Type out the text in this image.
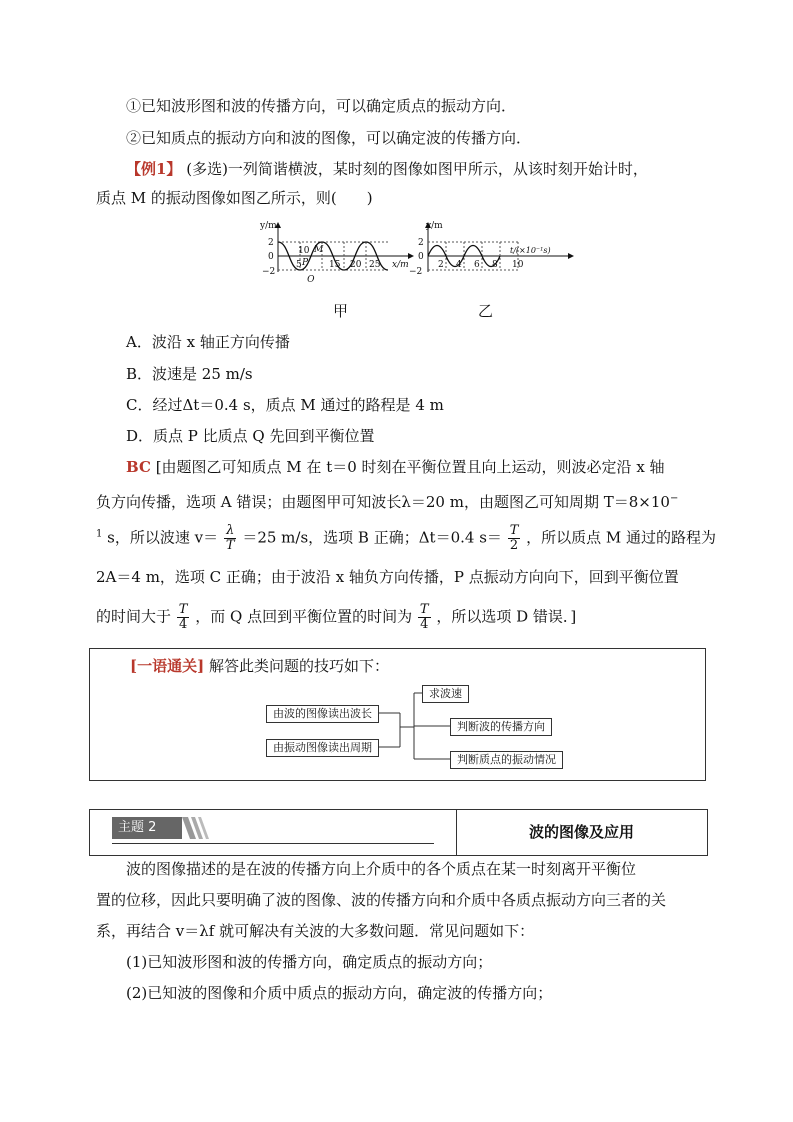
①已知波形图和波的传播方向，可以确定质点的振动方向．
②已知质点的振动方向和波的图像，可以确定波的传播方向．
【例1】 (多选)一列简谐横波，某时刻的图像如图甲所示，从该时刻开始计时，
质点 M 的振动图像如图乙所示，则(　　)
y/m
2
0
−2
5
10
15 20 25 x/m
P
M
Q
y/m
2
0
−2
2 4 6 8 10
t/(×10⁻¹s)
甲	乙
A．波沿 x 轴正方向传播
B．波速是 25 m/s
C．经过Δt＝0.4 s，质点 M 通过的路程是 4 m
D．质点 P 比质点 Q 先回到平衡位置
BC [由题图乙可知质点 M 在 t＝0 时刻在平衡位置且向上运动，则波必定沿 x 轴
负方向传播，选项 A 错误；由题图甲可知波长λ＝20 m，由题图乙可知周期 T＝8×10−
$^1$ s，所以波速 $v= \frac{\lambda}{T} =25$ m/s，选项 B 正确；Δt＝0.4 $s= \frac{T}{2}$ ，所以质点 M 通过的路程为
2A＝4 m，选项 C 正确；由于波沿 x 轴负方向传播，P 点振动方向向下，回到平衡位置
的时间大于 $\frac{T}{4}$ ，而 Q 点回到平衡位置的时间为 $\frac{T}{4}$ ，所以选项 D 错误．]
[一语通关] 解答此类问题的技巧如下：
由波的图像读出波长
由振动图像读出周期
求波速
判断波的传播方向
判断质点的振动情况
主题 2	波的图像及应用
波的图像描述的是在波的传播方向上介质中的各个质点在某一时刻离开平衡位
置的位移，因此只要明确了波的图像、波的传播方向和介质中各质点振动方向三者的关
系，再结合 v＝λf 就可解决有关波的大多数问题．常见问题如下：
(1)已知波形图和波的传播方向，确定质点的振动方向；
(2)已知波的图像和介质中质点的振动方向，确定波的传播方向；
